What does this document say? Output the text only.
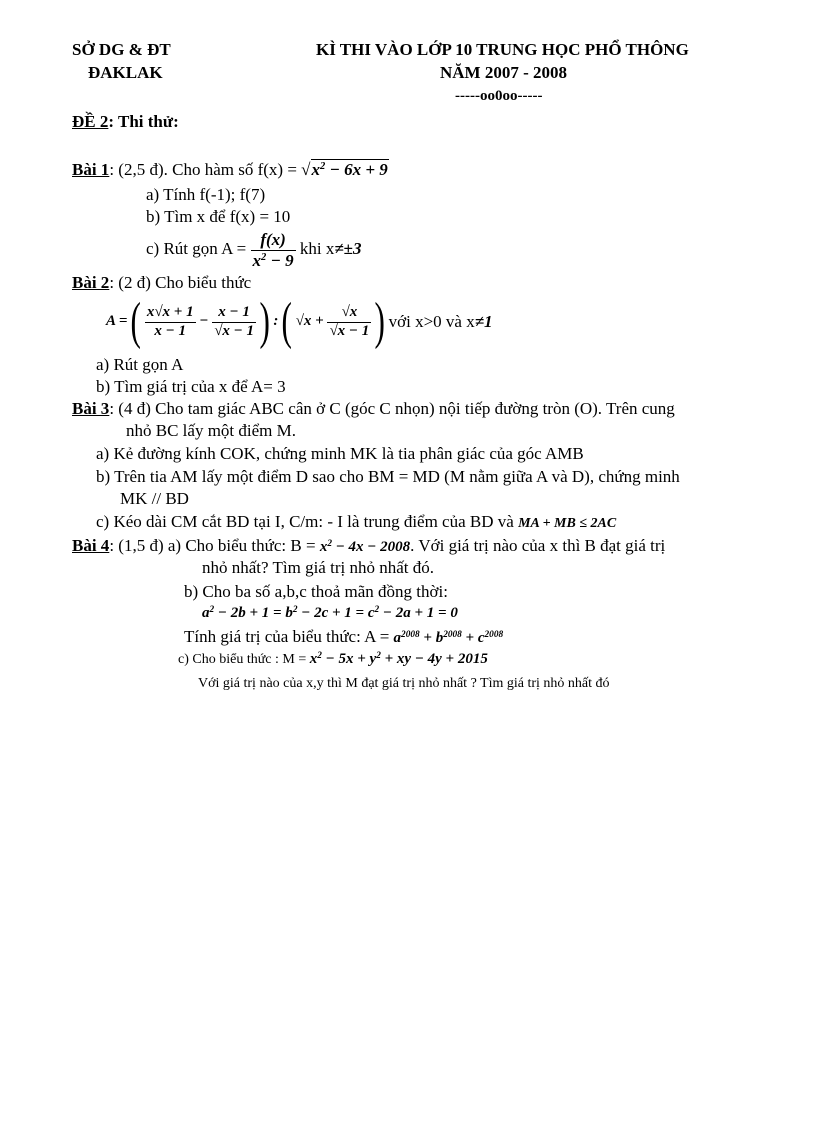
SỞ DG & ĐT
ĐAKLAK
KÌ THI VÀO LỚP 10 TRUNG HỌC PHỔ THÔNG
NĂM 2007 - 2008
-----oo0oo-----
ĐỀ 2: Thi thử:
Bài 1: (2,5 đ). Cho hàm số $f(x) = √x^2 - 6x + 9$
a) Tính f(-1); f(7)
b) Tìm x để f(x) = 10
c) Rút gọn $A = \frac{f(x)}{x^2 - 9}$ khi x≠±3
Bài 2: (2 đ) Cho biểu thức
A = ( $\frac{x√x + 1}{x - 1} - \frac{x - 1}{√x - 1}$ ) : ( $√x + \frac{√x}{√x - 1}$ ) với x>0 và x ≠1
a) Rút gọn A
b) Tìm giá trị của x để A= 3
Bài 3: (4 đ) Cho tam giác ABC cân ở C (góc C nhọn) nội tiếp đường tròn (O). Trên cung
nhỏ BC lấy một điểm M.
a) Kẻ đường kính COK, chứng minh MK là tia phân giác của góc AMB
b) Trên tia AM lấy một điểm D sao cho BM = MD (M nằm giữa A và D), chứng minh
MK // BD
c) Kéo dài CM cắt BD tại I, C/m: - I là trung điểm của BD và MA + MB ≤ 2AC
Bài 4: (1,5 đ) a) Cho biểu thức: $B = x^2 - 4x - 2008$. Với giá trị nào của x thì B đạt giá trị
nhỏ nhất? Tìm giá trị nhỏ nhất đó.
b) Cho ba số a,b,c thoả mãn đồng thời:
$a^2 - 2b + 1 = b^2 - 2c + 1 = c^2 - 2a + 1 = 0$
Tính giá trị của biểu thức: $A = a^{2008} + b^{2008} + c^{2008}$
c) Cho biểu thức : $M = x^2 - 5x + y^2$ + xy − 4y + 2015
Với giá trị nào của x,y thì M đạt giá trị nhỏ nhất ? Tìm giá trị nhỏ nhất đó
